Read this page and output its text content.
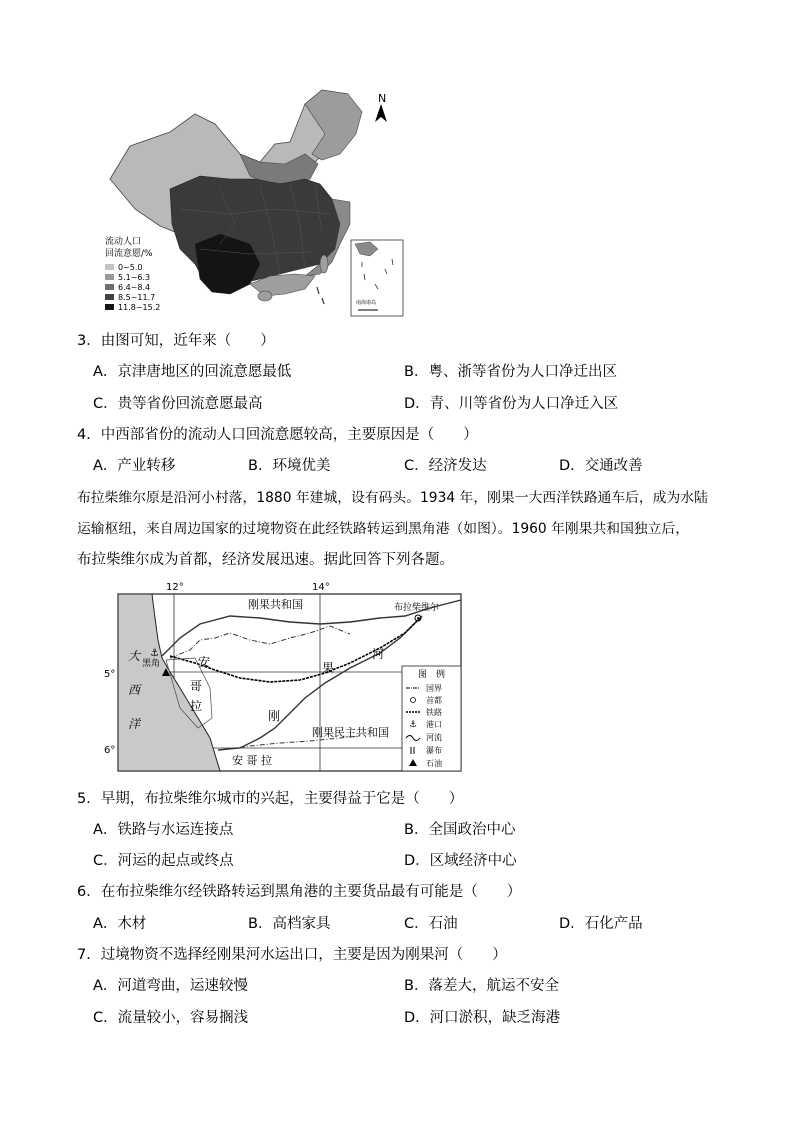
N
南海诸岛
流动人口
回流意愿/%
0~5.0
5.1~6.3
6.4~8.4
8.5~11.7
11.8~15.2
3．由图可知，近年来（　　）
A．京津唐地区的回流意愿最低	B．粤、浙等省份为人口净迁出区
C．贵等省份回流意愿最高	D．青、川等省份为人口净迁入区
4．中西部省份的流动人口回流意愿较高，主要原因是（　　）
A．产业转移	B．环境优美	C．经济发达	D．交通改善
布拉柴维尔原是沿河小村落，1880 年建城，设有码头。1934 年，刚果一大西洋铁路通车后，成为水陆
运输枢纽，来自周边国家的过境物资在此经铁路转运到黑角港（如图）。1960 年刚果共和国独立后，
布拉柴维尔成为首都，经济发展迅速。据此回答下列各题。
12°	14°
5°
6°
大
西
洋
刚果共和国	布拉柴维尔
黑角
⚓
安
哥
拉
刚
果
河
刚果民主共和国
安 哥 拉
图　例
国界
首都
铁路
⚓ 港口
河流
瀑布
石油
5．早期，布拉柴维尔城市的兴起，主要得益于它是（　　）
A．铁路与水运连接点	B．全国政治中心
C．河运的起点或终点	D．区域经济中心
6．在布拉柴维尔经铁路转运到黑角港的主要货品最有可能是（　　）
A．木材	B．高档家具	C．石油	D．石化产品
7．过境物资不选择经刚果河水运出口，主要是因为刚果河（　　）
A．河道弯曲，运速较慢	B．落差大，航运不安全
C．流量较小，容易搁浅	D．河口淤积，缺乏海港
